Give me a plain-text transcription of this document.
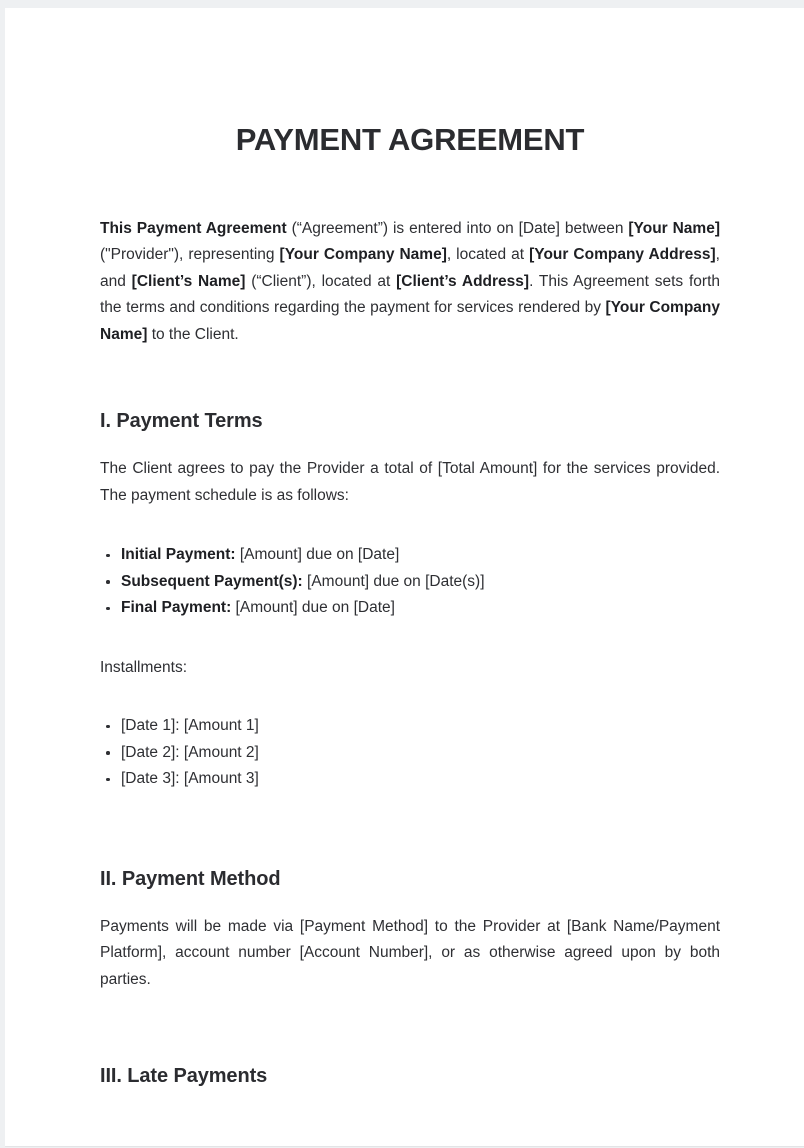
PAYMENT AGREEMENT

This Payment Agreement (“Agreement”) is entered into on [Date] between [Your Name] ("Provider"), representing [Your Company Name], located at [Your Company Address], and [Client’s Name] (“Client”), located at [Client’s Address]. This Agreement sets forth the terms and conditions regarding the payment for services rendered by [Your Company Name] to the Client.

I. Payment Terms

The Client agrees to pay the Provider a total of [Total Amount] for the services provided. The payment schedule is as follows:

Initial Payment: [Amount] due on [Date]
Subsequent Payment(s): [Amount] due on [Date(s)]
Final Payment: [Amount] due on [Date]

Installments:

[Date 1]: [Amount 1]
[Date 2]: [Amount 2]
[Date 3]: [Amount 3]
II. Payment Method

Payments will be made via [Payment Method] to the Provider at [Bank Name/Payment Platform], account number [Account Number], or as otherwise agreed upon by both parties.

III. Late Payments
